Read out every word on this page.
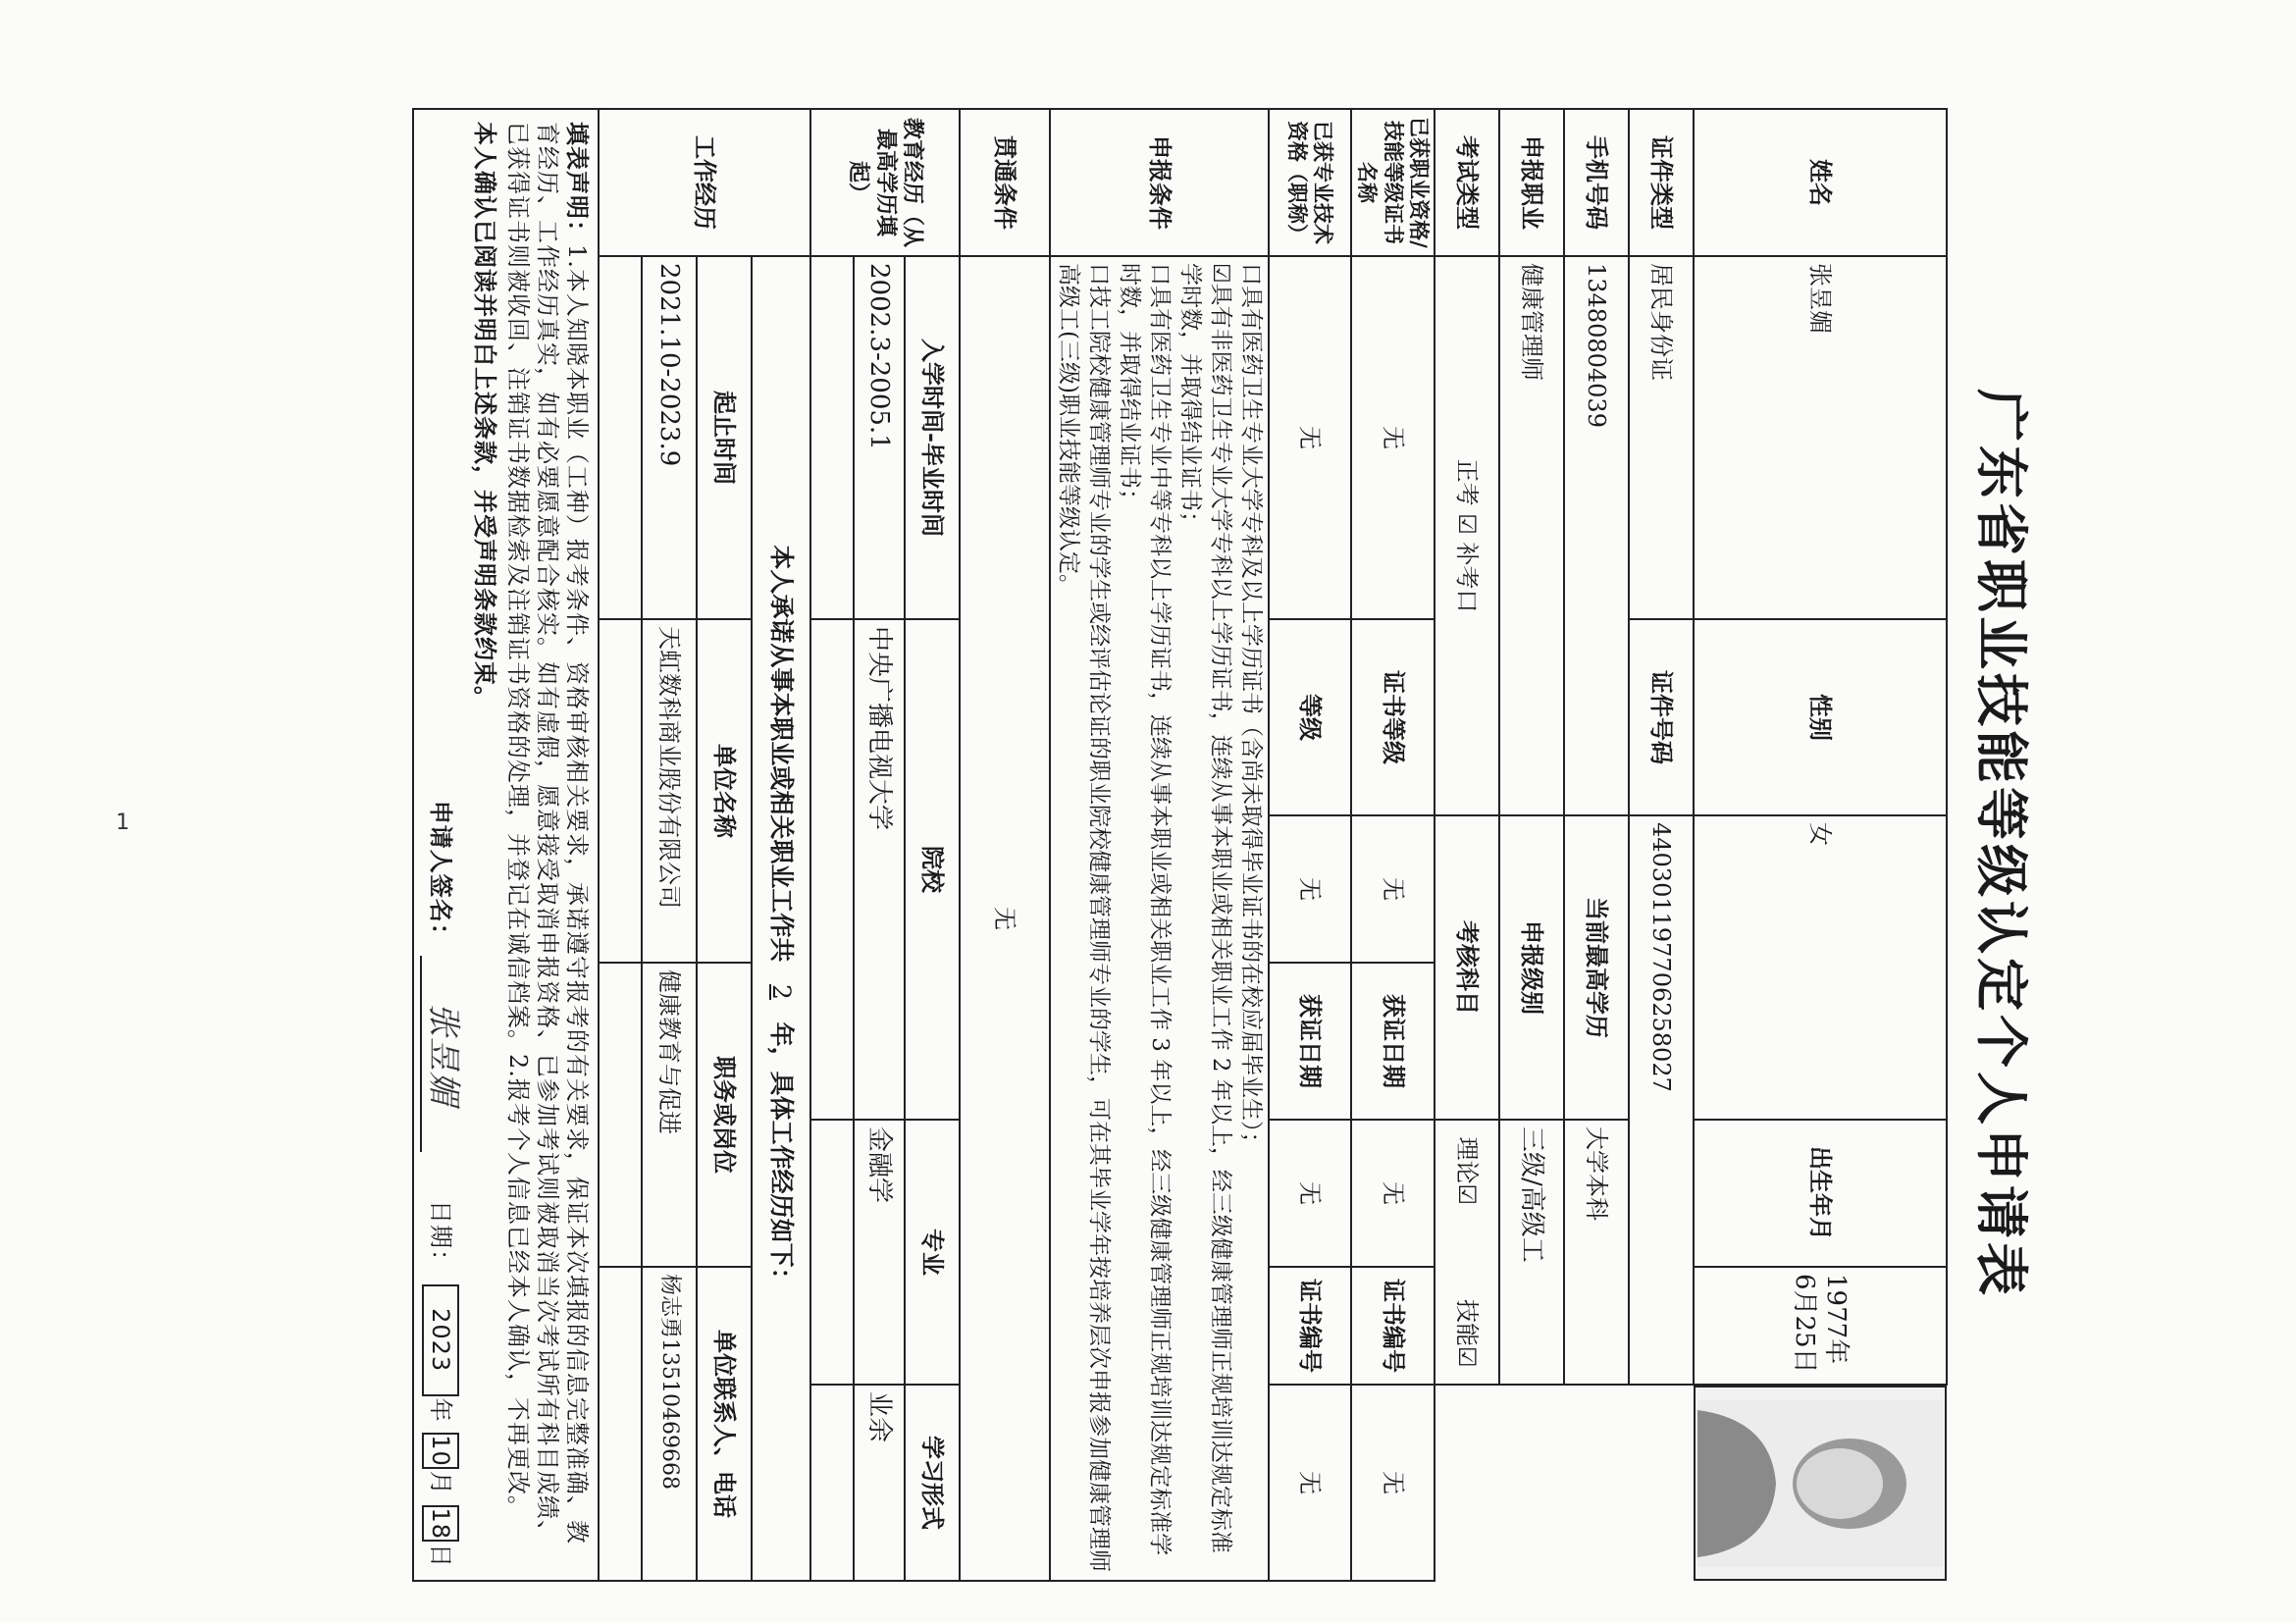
1	广东省职业技能等级认定个人申请表
姓名	张昱媚	性别	女		出生年月	1977年6月25日	

证件类型	居民身份证	证件号码	440301197706258027				
手机号码	13480804039		当前最高学历		大学本科		
申报职业	健康管理师		申报级别		三级/高级工		
考试类型	正考 ☑ 补考口		考核科目		理论☑　　　　技能☑		
已获职业资格/技能等级证书名称	无	证书等级	无	获证日期	无	证书编号	无
已获专业技术资格（职称）	无	等级	无	获证日期	无	证书编号	无
申报条件	口具有医药卫生专业大学专科及以上学历证书（含尚未取得毕业证书的在校应届毕业生）；
☑具有非医药卫生专业大学专科以上学历证书，连续从事本职业或相关职业工作 2 年以上，经三级健康管理师正规培训达规定标准学时数，并取得结业证书；
口具有医药卫生专业中等专科以上学历证书，连续从事本职业或相关职业工作 3 年以上，经三级健康管理师正规培训达规定标准学时数，并取得结业证书；
口技工院校健康管理师专业的学生或经评估论证的职业院校健康管理师专业的学生，可在其毕业学年按培养层次申报参加健康管理师高级工(三级)职业技能等级认定。						

贯通条件	无						
教育经历（从最高学历填起）	入学时间-毕业时间	院校			专业		学习形式
	2002.3-2005.1	中央广播电视大学			金融学		业余

工作经历	本人承诺从事本职业或相关职业工作共 2 年，具体工作经历如下：						
	起止时间	单位名称		职务或岗位		单位联系人、电话	
	2021.10-2023.9	天虹数科商业股份有限公司		健康教育与促进		杨志勇13510469668	

填表声明：1.本人知晓本职业（工种）报考条件、资格审核相关要求，承诺遵守报考的有关要求，保证本次填报的信息完整准确、教育经历、工作经历真实，如有必要愿意配合核实。如有虚假，愿意接受取消申报资格、已参加考试则被取消当次考试所有科目成绩、已获得证书则被收回、注销证书数据检索及注销证书资格的处理，并登记在诚信档案。2.报考个人信息已经本人确认，不再更改。
本人确认已阅读并明白上述条款，并受声明条款约束。
申请人签名： 张昱媚 日期： 2023年 10月 18日							
